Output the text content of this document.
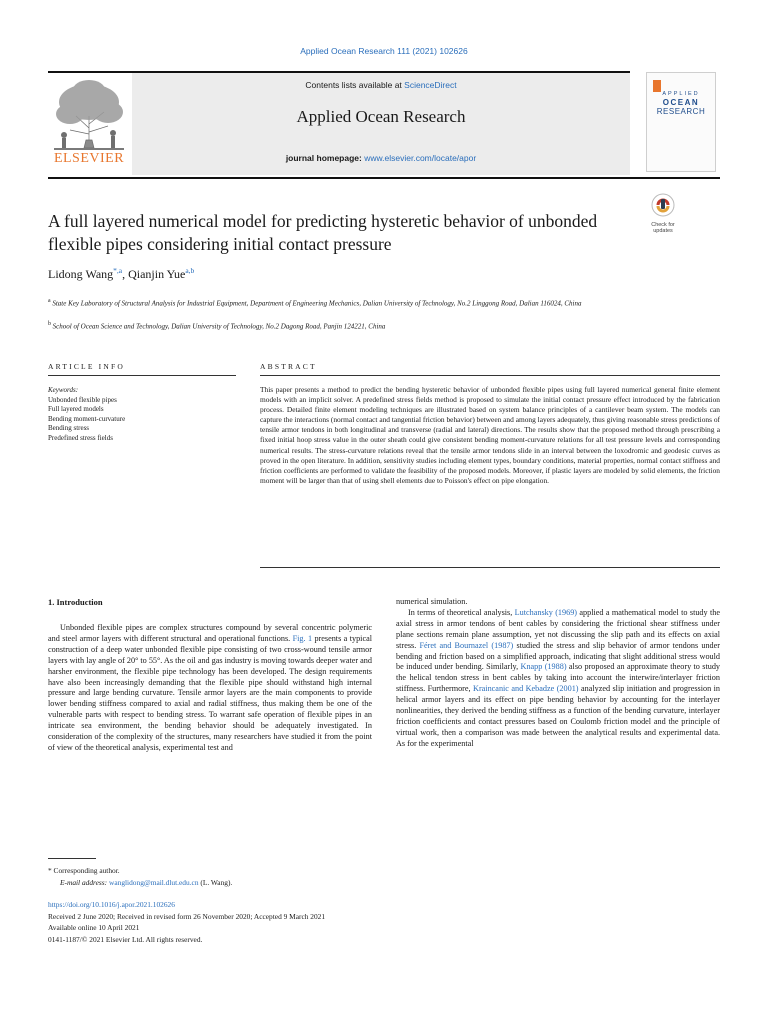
Applied Ocean Research 111 (2021) 102626
ELSEVIER
Contents lists available at ScienceDirect
Applied Ocean Research
journal homepage: www.elsevier.com/locate/apor
APPLIED
OCEAN
RESEARCH
Check for updates
A full layered numerical model for predicting hysteretic behavior of unbonded flexible pipes considering initial contact pressure
Lidong Wang$^{*,a}$, Qianjin Yue$^{a,b}$
$^a$ State Key Laboratory of Structural Analysis for Industrial Equipment, Department of Engineering Mechanics, Dalian University of Technology, No.2 Linggong Road, Dalian 116024, China
$^b$ School of Ocean Science and Technology, Dalian University of Technology, No.2 Dagong Road, Panjin 124221, China
ARTICLE INFO	ABSTRACT
Keywords:
Unbonded flexible pipes
Full layered models
Bending moment-curvature
Bending stress
Predefined stress fields
This paper presents a method to predict the bending hysteretic behavior of unbonded flexible pipes using full layered numerical general finite element models with an implicit solver. A predefined stress fields method is proposed to simulate the initial contact pressure effect introduced by the fabrication process. Detailed finite element modeling techniques are illustrated based on system balance principles of a cantilever beam system. The models can capture the interactions (normal contact and tangential friction behavior) between and among layers adequately, thus giving reasonable stress predictions of tensile armor tendons in both longitudinal and transverse (radial and lateral) directions. The results show that the proposed method through prescribing a fixed initial hoop stress value in the outer sheath could give consistent bending moment-curvature relations for all test pressure levels and corresponding numerical results. The stress-curvature relations reveal that the tensile armor tendons slide in an interval between the loxodromic and geodesic curves as proved in the open literature. In addition, sensitivity studies including element types, boundary conditions, material properties, normal contact stiffness and friction coefficients are performed to validate the feasibility of the proposed models. Moreover, if plastic layers are modeled by solid elements, the friction moment will be larger than that of using shell elements due to Poisson's effect on pipe elongation.
1. Introduction

Unbonded flexible pipes are complex structures compound by several concentric polymeric and steel armor layers with different structural and operational functions. Fig. 1 presents a typical construction of a deep water unbonded flexible pipe consisting of two cross-wound tensile armor layers with lay angle of 20° to 55°. As the oil and gas industry is moving towards deeper water and harsher environment, the flexible pipe technology has been developed. The design requirements have also been increasingly demanding that the flexible pipe should withstand high internal pressure and large bending curvature. Tensile armor layers are the main components to provide lower bending stiffness compared to axial and radial stiffness, thus making them be one of the vulnerable parts with respect to bending stress. To warrant safe operation of flexible pipes in an intricate sea environment, the bending behavior should be adequately investigated. In consideration of the complexity of the structures, many researchers have studied it from the point of view of the theoretical analysis, experimental test and

numerical simulation.

In terms of theoretical analysis, Lutchansky (1969) applied a mathematical model to study the axial stress in armor tendons of bent cables by considering the frictional shear stiffness under plane sections remain plane assumption, yet not discussing the slip path and its effects on axial stress. Féret and Bournazel (1987) studied the stress and slip behavior of armor tendons under bending and friction based on a simplified approach, indicating that slight additional stress would be induced under bending. Similarly, Knapp (1988) also proposed an approximate theory to study the helical tendon stress in bent cables by taking into account the interwire/interlayer friction stiffness. Furthermore, Kraincanic and Kebadze (2001) analyzed slip initiation and progression in helical armor layers and its effect on pipe bending behavior by accounting for the interlayer nonlinearities, they derived the bending stiffness as a function of the bending curvature, interlayer friction coefficients and contact pressures based on Coulomb friction model and the principle of virtual work, then a comparison was made between the analytical results and experimental data. As for the experimental

* Corresponding author.
E-mail address: wanglidong@mail.dlut.edu.cn (L. Wang).
https://doi.org/10.1016/j.apor.2021.102626
Received 2 June 2020; Received in revised form 26 November 2020; Accepted 9 March 2021
Available online 10 April 2021
0141-1187/© 2021 Elsevier Ltd. All rights reserved.
